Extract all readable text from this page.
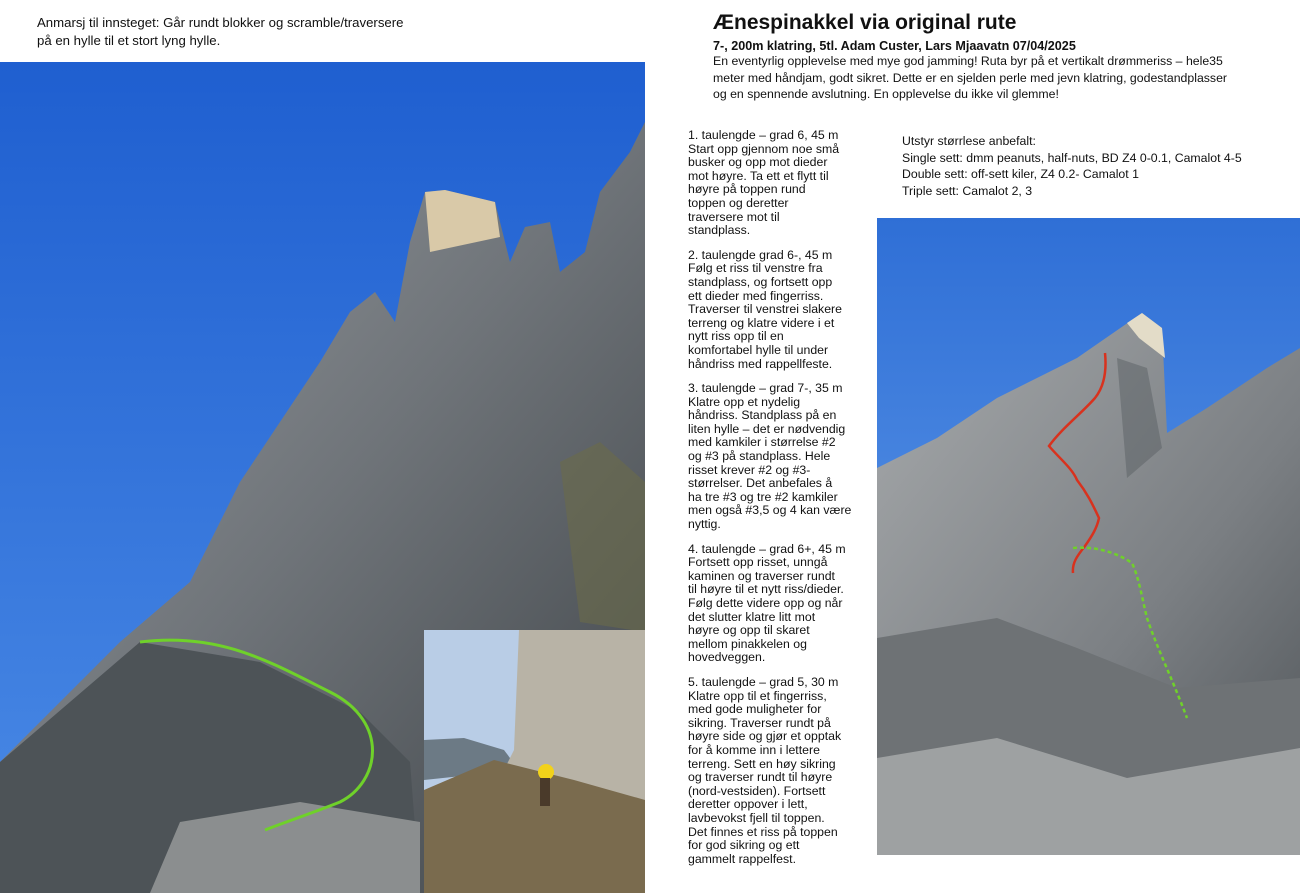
Anmarsj til innsteget: Går rundt blokker og scramble/traversere
på en hylle til et stort lyng hylle.
Ænespinakkel via original rute
7-, 200m klatring, 5tl. Adam Custer, Lars Mjaavatn 07/04/2025
En eventyrlig opplevelse med mye god jamming! Ruta byr på et vertikalt drømmeriss – hele35
meter med håndjam, godt sikret. Dette er en sjelden perle med jevn klatring, godestandplasser
og en spennende avslutning. En opplevelse du ikke vil glemme!
1. taulengde – grad 6, 45 m
Start opp gjennom noe små
busker og opp mot dieder
mot høyre. Ta ett et flytt til
høyre på toppen rund
toppen og deretter
traversere mot til
standplass.
2. taulengde grad 6-, 45 m
Følg et riss til venstre fra
standplass, og fortsett opp
ett dieder med fingerriss.
Traverser til venstrei slakere
terreng og klatre videre i et
nytt riss opp til en
komfortabel hylle til under
håndriss med rappellfeste.
3. taulengde – grad 7-, 35 m
Klatre opp et nydelig
håndriss. Standplass på en
liten hylle – det er nødvendig
med kamkiler i størrelse #2
og #3 på standplass. Hele
risset krever #2 og #3-
størrelser. Det anbefales å
ha tre #3 og tre #2 kamkiler
men også #3,5 og 4 kan være
nyttig.
4. taulengde – grad 6+, 45 m
Fortsett opp risset, unngå
kaminen og traverser rundt
til høyre til et nytt riss/dieder.
Følg dette videre opp og når
det slutter klatre litt mot
høyre og opp til skaret
mellom pinakkelen og
hovedveggen.
5. taulengde – grad 5, 30 m
Klatre opp til et fingerriss,
med gode muligheter for
sikring. Traverser rundt på
høyre side og gjør et opptak
for å komme inn i lettere
terreng. Sett en høy sikring
og traverser rundt til høyre
(nord-vestsiden). Fortsett
deretter oppover i lett,
lavbevokst fjell til toppen.
Det finnes et riss på toppen
for god sikring og ett
gammelt rappelfest.
Utstyr størrlese anbefalt:
Single sett: dmm peanuts, half-nuts, BD Z4 0-0.1, Camalot 4-5
Double sett: off-sett kiler, Z4 0.2- Camalot 1
Triple sett: Camalot 2, 3
